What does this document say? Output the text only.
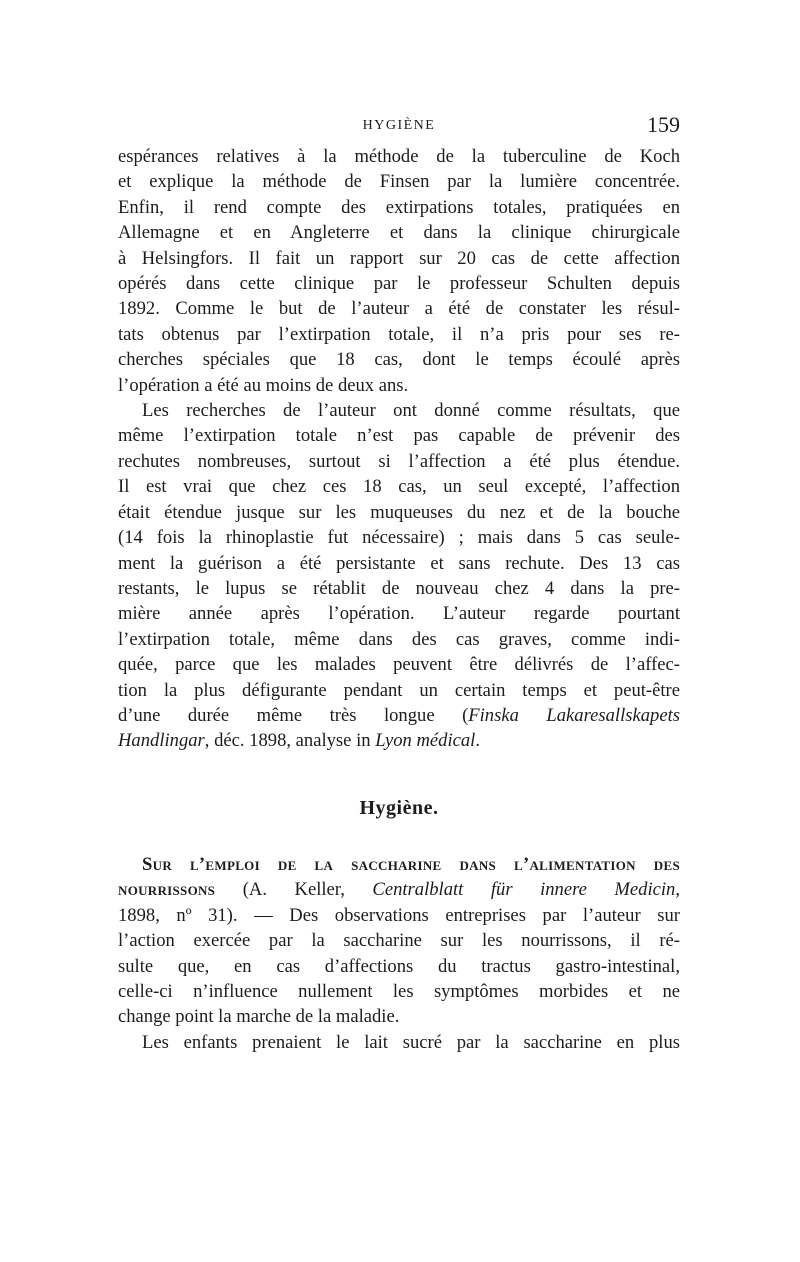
HYGIÈNE	159

espérances relatives à la méthode de la tuberculine de Koch
et explique la méthode de Finsen par la lumière concentrée.
Enfin, il rend compte des extirpations totales, pratiquées en
Allemagne et en Angleterre et dans la clinique chirurgicale
à Helsingfors. Il fait un rapport sur 20 cas de cette affection
opérés dans cette clinique par le professeur Schulten depuis
1892. Comme le but de l’auteur a été de constater les résul-
tats obtenus par l’extirpation totale, il n’a pris pour ses re-
cherches spéciales que 18 cas, dont le temps écoulé après
l’opération a été au moins de deux ans.

Les recherches de l’auteur ont donné comme résultats, que
même l’extirpation totale n’est pas capable de prévenir des
rechutes nombreuses, surtout si l’affection a été plus étendue.
Il est vrai que chez ces 18 cas, un seul excepté, l’affection
était étendue jusque sur les muqueuses du nez et de la bouche
(14 fois la rhinoplastie fut nécessaire) ; mais dans 5 cas seule-
ment la guérison a été persistante et sans rechute. Des 13 cas
restants, le lupus se rétablit de nouveau chez 4 dans la pre-
mière année après l’opération. L’auteur regarde pourtant
l’extirpation totale, même dans des cas graves, comme indi-
quée, parce que les malades peuvent être délivrés de l’affec-
tion la plus défigurante pendant un certain temps et peut-être
d’une durée même très longue (Finska Lakaresallskapets
Handlingar, déc. 1898, analyse in Lyon médical.

Hygiène.

Sur l’emploi de la saccharine dans l’alimentation des
nourrissons (A. Keller, Centralblatt für innere Medicin,
1898, nº 31). — Des observations entreprises par l’auteur sur
l’action exercée par la saccharine sur les nourrissons, il ré-
sulte que, en cas d’affections du tractus gastro-intestinal,
celle-ci n’influence nullement les symptômes morbides et ne
change point la marche de la maladie.

Les enfants prenaient le lait sucré par la saccharine en plus
